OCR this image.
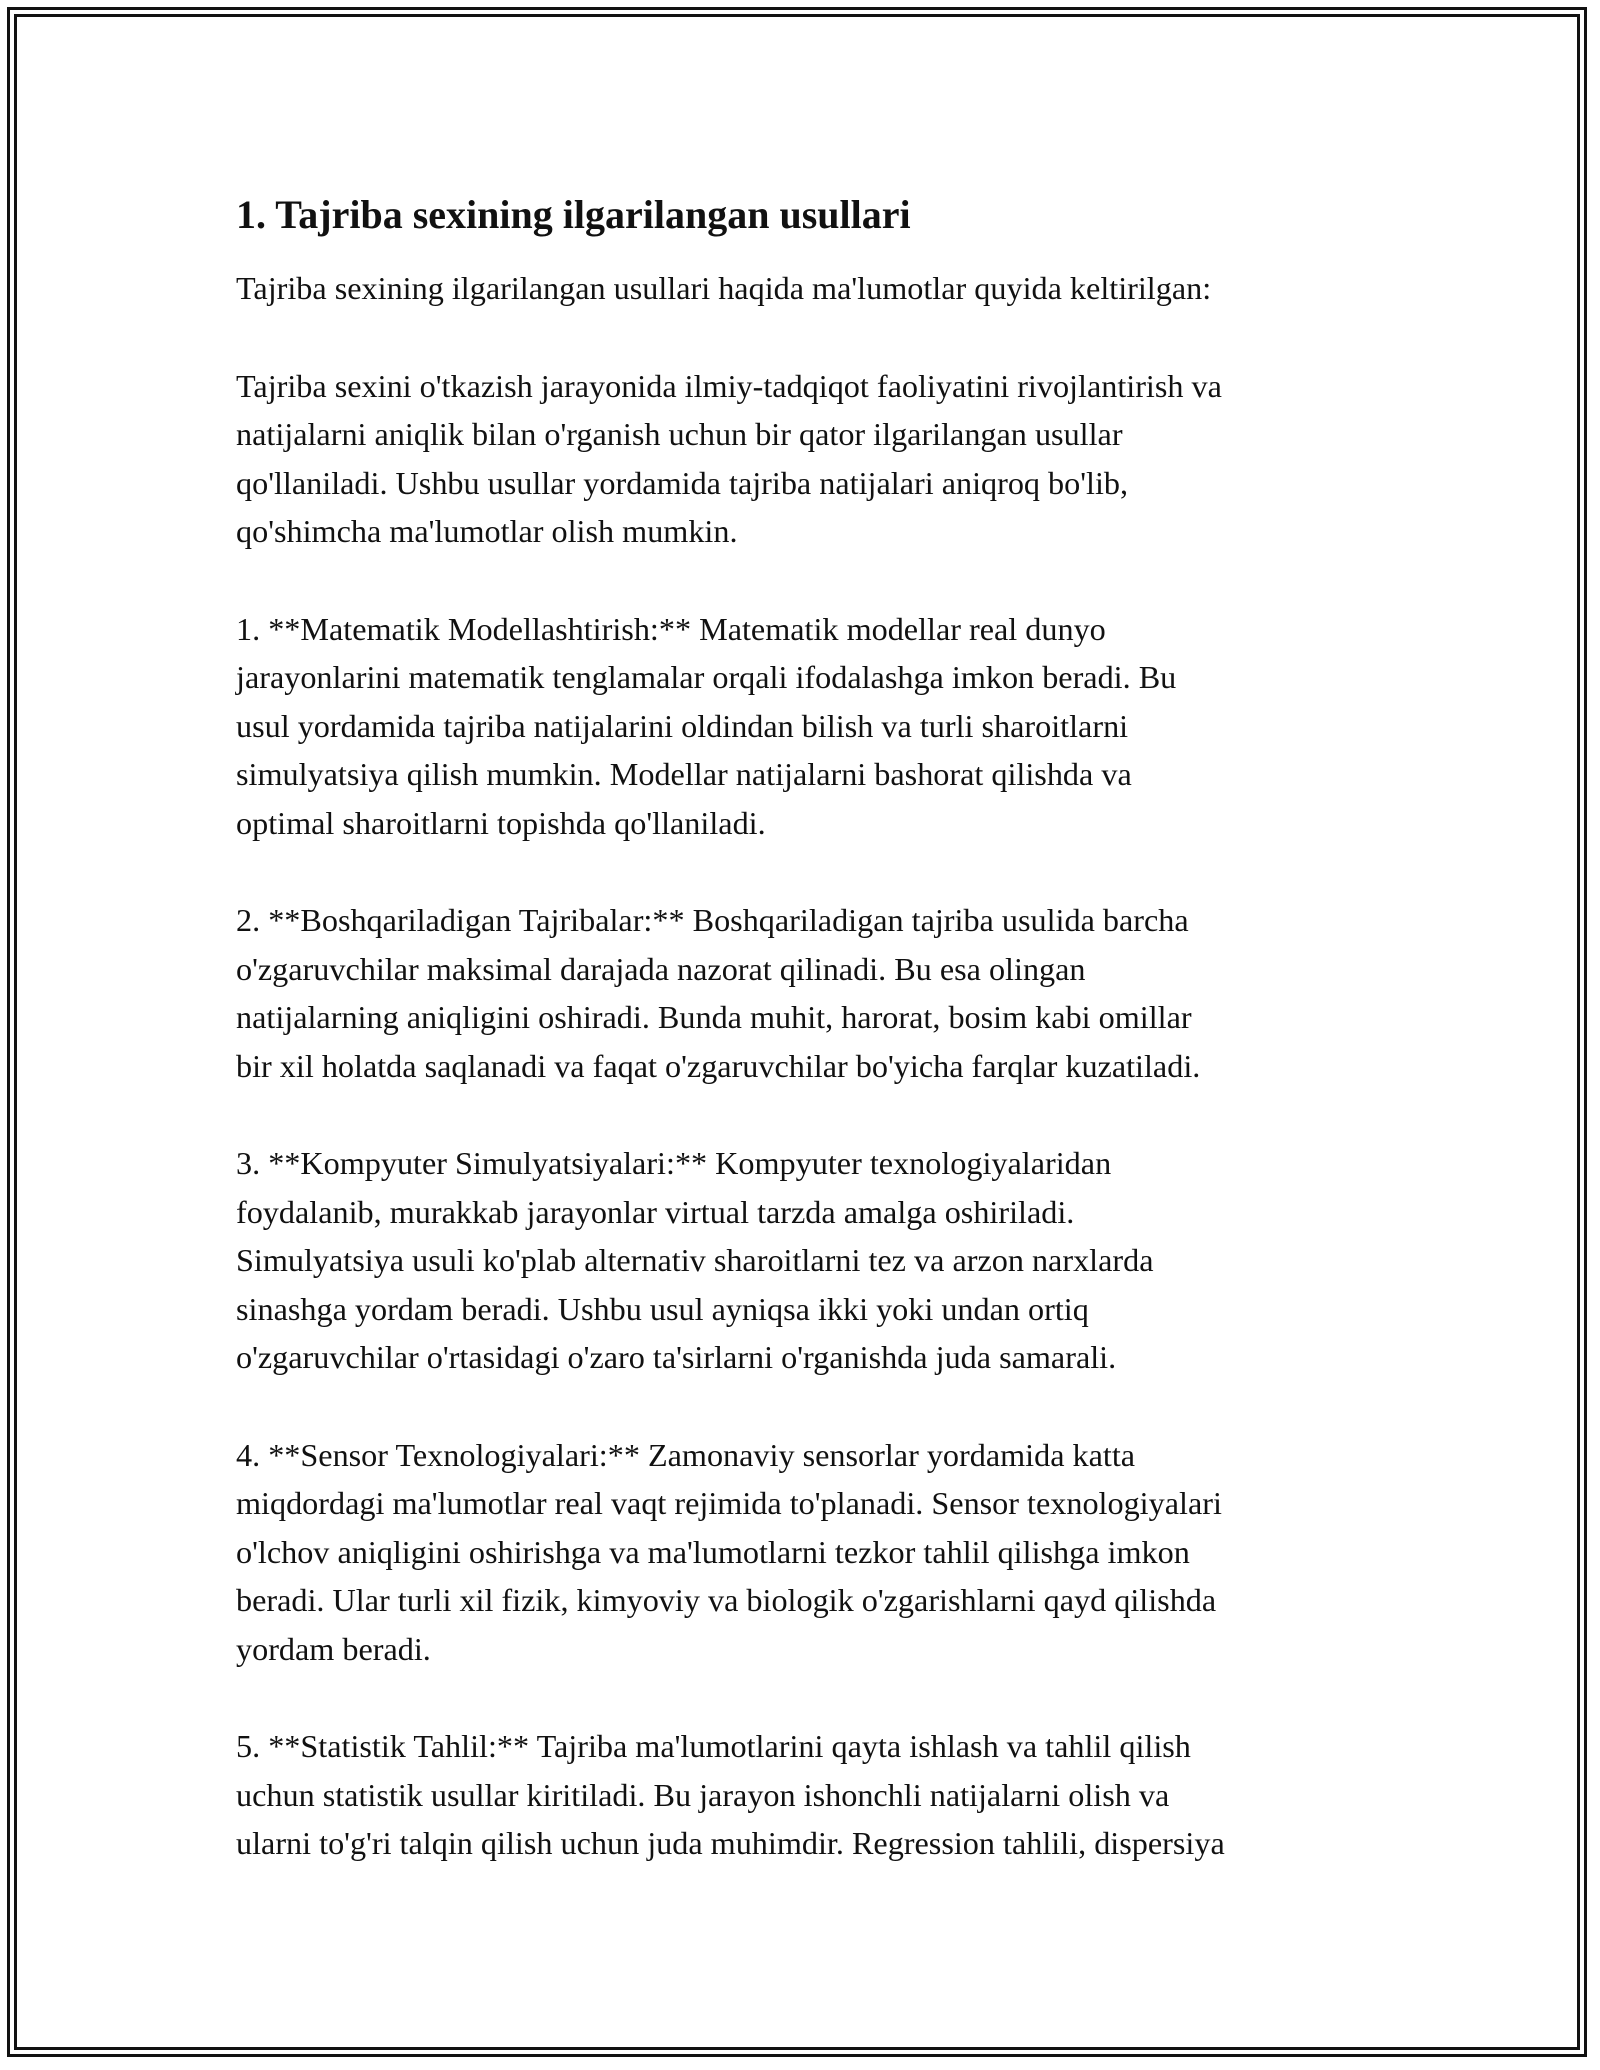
1. Tajriba sexining ilgarilangan usullari
Tajriba sexining ilgarilangan usullari haqida ma'lumotlar quyida keltirilgan:
Tajriba sexini o'tkazish jarayonida ilmiy-tadqiqot faoliyatini rivojlantirish va
natijalarni aniqlik bilan o'rganish uchun bir qator ilgarilangan usullar
qo'llaniladi. Ushbu usullar yordamida tajriba natijalari aniqroq bo'lib,
qo'shimcha ma'lumotlar olish mumkin.
1. **Matematik Modellashtirish:** Matematik modellar real dunyo
jarayonlarini matematik tenglamalar orqali ifodalashga imkon beradi. Bu
usul yordamida tajriba natijalarini oldindan bilish va turli sharoitlarni
simulyatsiya qilish mumkin. Modellar natijalarni bashorat qilishda va
optimal sharoitlarni topishda qo'llaniladi.
2. **Boshqariladigan Tajribalar:** Boshqariladigan tajriba usulida barcha
o'zgaruvchilar maksimal darajada nazorat qilinadi. Bu esa olingan
natijalarning aniqligini oshiradi. Bunda muhit, harorat, bosim kabi omillar
bir xil holatda saqlanadi va faqat o'zgaruvchilar bo'yicha farqlar kuzatiladi.
3. **Kompyuter Simulyatsiyalari:** Kompyuter texnologiyalaridan
foydalanib, murakkab jarayonlar virtual tarzda amalga oshiriladi.
Simulyatsiya usuli ko'plab alternativ sharoitlarni tez va arzon narxlarda
sinashga yordam beradi. Ushbu usul ayniqsa ikki yoki undan ortiq
o'zgaruvchilar o'rtasidagi o'zaro ta'sirlarni o'rganishda juda samarali.
4. **Sensor Texnologiyalari:** Zamonaviy sensorlar yordamida katta
miqdordagi ma'lumotlar real vaqt rejimida to'planadi. Sensor texnologiyalari
o'lchov aniqligini oshirishga va ma'lumotlarni tezkor tahlil qilishga imkon
beradi. Ular turli xil fizik, kimyoviy va biologik o'zgarishlarni qayd qilishda
yordam beradi.
5. **Statistik Tahlil:** Tajriba ma'lumotlarini qayta ishlash va tahlil qilish
uchun statistik usullar kiritiladi. Bu jarayon ishonchli natijalarni olish va
ularni to'g'ri talqin qilish uchun juda muhimdir. Regression tahlili, dispersiya
